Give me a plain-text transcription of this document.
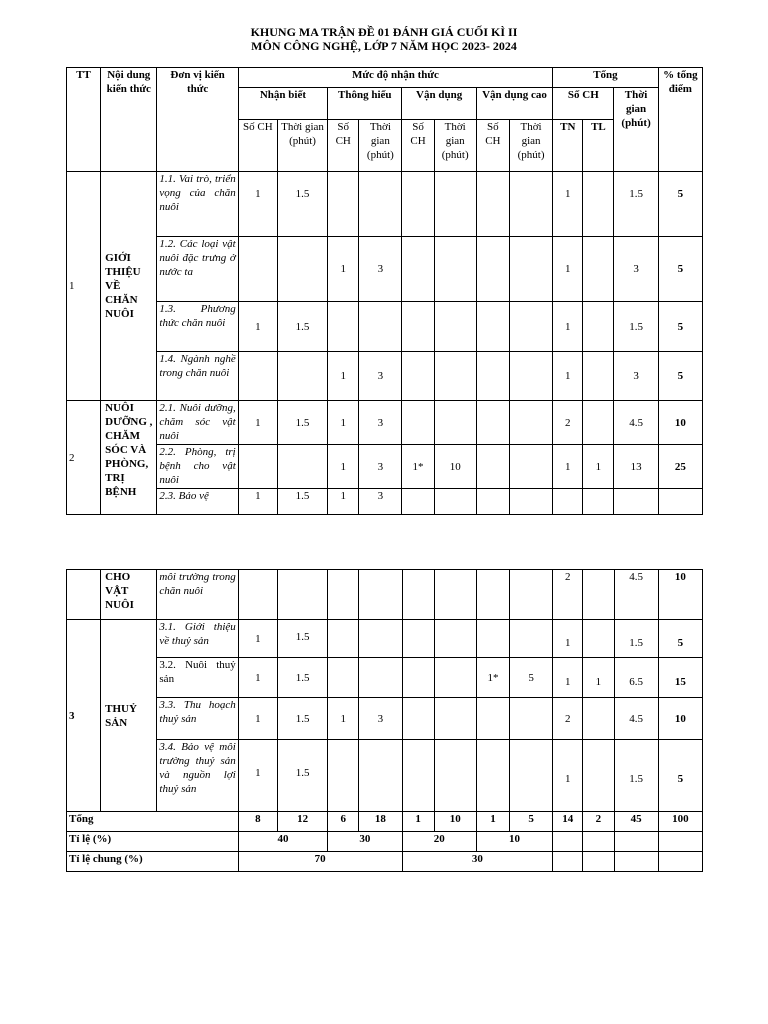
KHUNG MA TRẬN ĐỀ 01 ĐÁNH GIÁ CUỐI KÌ II
MÔN CÔNG NGHỆ, LỚP 7 NĂM HỌC 2023- 2024
TT	Nội dung kiến thức	Đơn vị kiến thức	Mức độ nhận thức								Tổng			% tổng điểm
			Nhận biết		Thông hiểu		Vận dụng		Vận dụng cao		Số CH		Thời gian (phút)	
			Số CH	Thời gian (phút)	Số CH	Thời gian (phút)	Số CH	Thời gian (phút)	Số CH	Thời gian (phút)	TN	TL		
1	GIỚI THIỆU VỀ CHĂN NUÔI	1.1. Vai trò, triển vọng của chăn nuôi	1	1.5							1		1.5	5
		1.2. Các loại vật nuôi đặc trưng ở nước ta			1	3					1		3	5
		1.3. Phương thức chăn nuôi	1	1.5							1		1.5	5
		1.4. Ngành nghề trong chăn nuôi			1	3					1		3	5
2	NUÔI DƯỠNG , CHĂM SÓC VÀ PHÒNG, TRỊ BỆNH	2.1. Nuôi dưỡng, chăm sóc vật nuôi	1	1.5	1	3					2		4.5	10
		2.2. Phòng, trị bệnh cho vật nuôi			1	3	1*	10			1	1	13	25
		2.3. Bảo vệ	1	1.5	1	3								
	CHO VẬT NUÔI	môi trường trong chăn nuôi									2		4.5	10
3	THUỶ SẢN	3.1. Giới thiệu về thuỷ sản	1	1.5							1		1.5	5
		3.2. Nuôi thuỷ sản	1	1.5					1*	5	1	1	6.5	15
		3.3. Thu hoạch thuỷ sản	1	1.5	1	3					2		4.5	10
		3.4. Bảo vệ môi trường thuỷ sản và nguồn lợi thuỷ sản	1	1.5							1		1.5	5
Tổng			8	12	6	18	1	10	1	5	14	2	45	100
Tỉ lệ (%)			40		30		20		10					
Tỉ lệ chung (%)			70				30							
